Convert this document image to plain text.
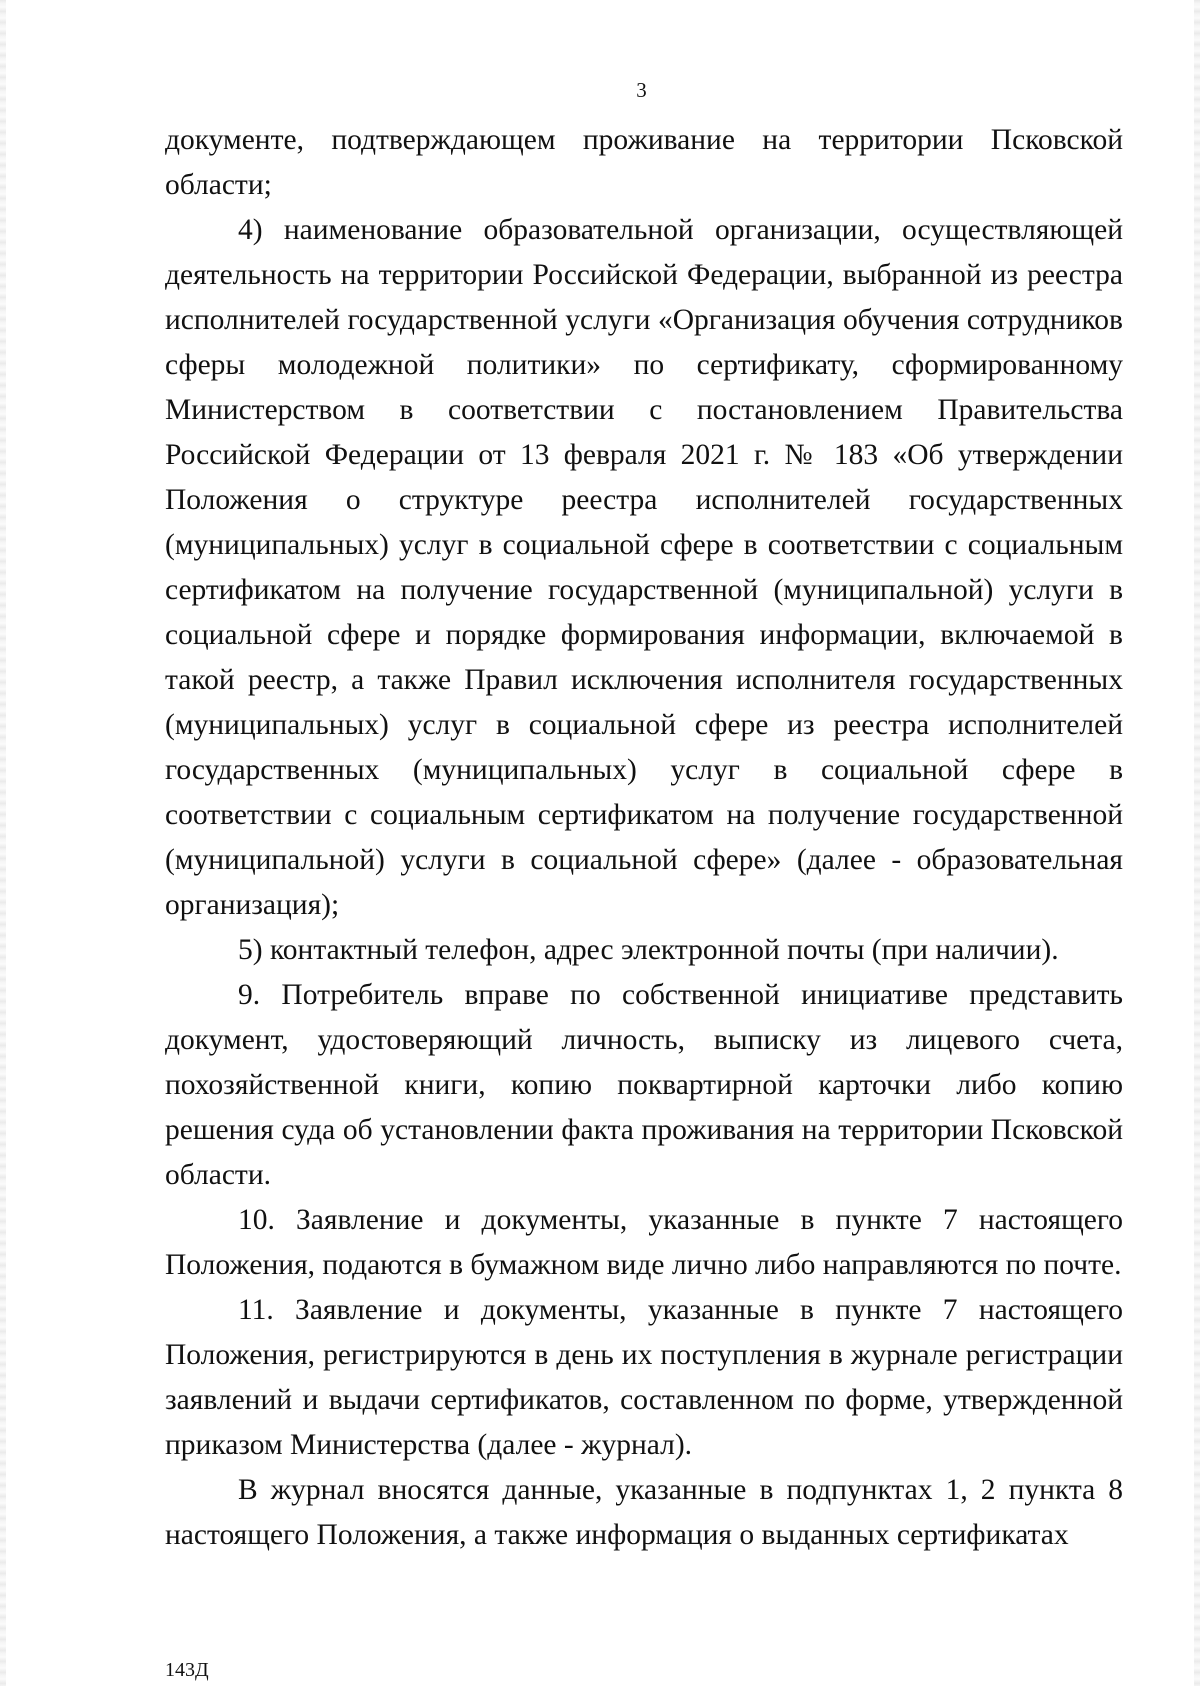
3

документе, подтверждающем проживание на территории Псковской области;

4) наименование образовательной организации, осуществляющей деятельность на территории Российской Федерации, выбранной из реестра исполнителей государственной услуги «Организация обучения сотрудников сферы молодежной политики» по сертификату, сформированному Министерством в соответствии с постановлением Правительства Российской Федерации от 13 февраля 2021 г. № 183 «Об утверждении Положения о структуре реестра исполнителей государственных (муниципальных) услуг в социальной сфере в соответствии с социальным сертификатом на получение государственной (муниципальной) услуги в социальной сфере и порядке формирования информации, включаемой в такой реестр, а также Правил исключения исполнителя государственных (муниципальных) услуг в социальной сфере из реестра исполнителей государственных (муниципальных) услуг в социальной сфере в соответствии с социальным сертификатом на получение государственной (муниципальной) услуги в социальной сфере» (далее - образовательная организация);

5) контактный телефон, адрес электронной почты (при наличии).

9. Потребитель вправе по собственной инициативе представить документ, удостоверяющий личность, выписку из лицевого счета, похозяйственной книги, копию поквартирной карточки либо копию решения суда об установлении факта проживания на территории Псковской области.

10. Заявление и документы, указанные в пункте 7 настоящего Положения, подаются в бумажном виде лично либо направляются по почте.

11. Заявление и документы, указанные в пункте 7 настоящего Положения, регистрируются в день их поступления в журнале регистрации заявлений и выдачи сертификатов, составленном по форме, утвержденной приказом Министерства (далее - журнал).

В журнал вносятся данные, указанные в подпунктах 1, 2 пункта 8 настоящего Положения, а также информация о выданных сертификатах

143Д
